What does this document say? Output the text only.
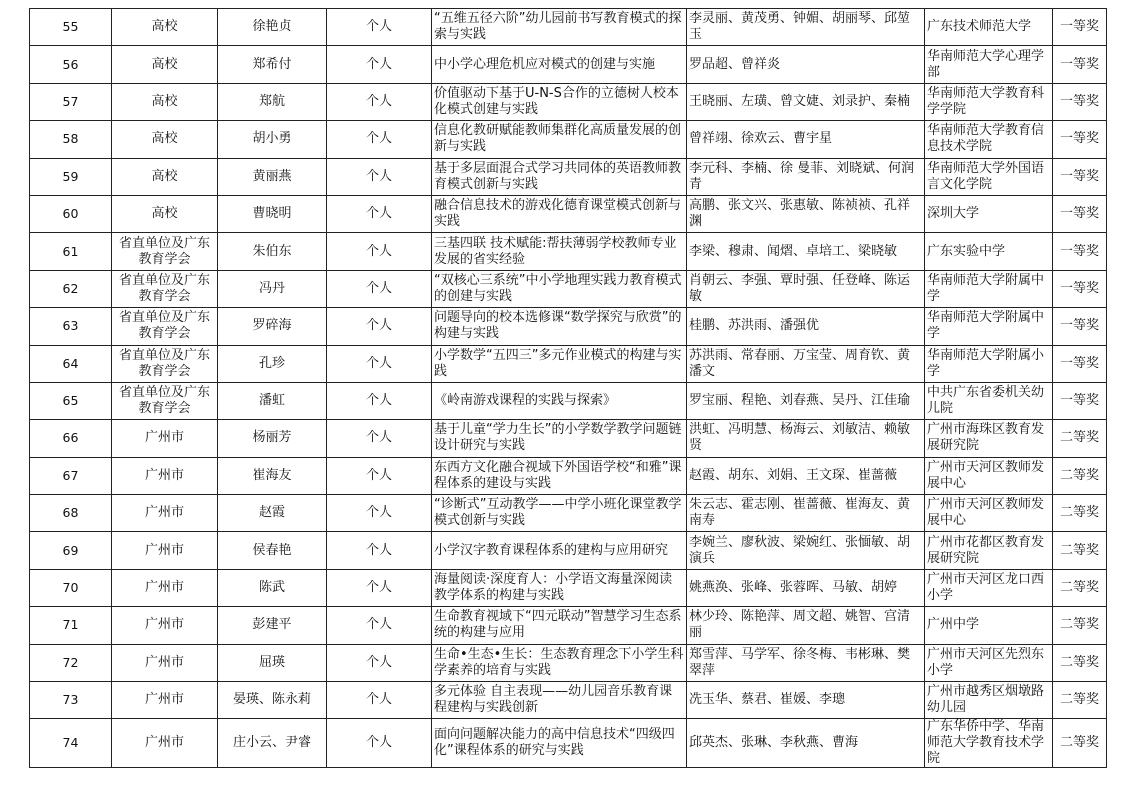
55	高校	徐艳贞	个人	“五维五径六阶”幼儿园前书写教育模式的探索与实践	李灵丽、黄茂勇、钟媚、胡丽琴、邱堃玉	广东技术师范大学	一等奖
56	高校	郑希付	个人	中小学心理危机应对模式的创建与实施	罗品超、曾祥炎	华南师范大学心理学部	一等奖
57	高校	郑航	个人	价值驱动下基于U-N-S合作的立德树人校本化模式创建与实践	王晓丽、左璜、曾文婕、刘录护、秦楠	华南师范大学教育科学学院	一等奖
58	高校	胡小勇	个人	信息化教研赋能教师集群化高质量发展的创新与实践	曾祥翊、徐欢云、曹宇星	华南师范大学教育信息技术学院	一等奖
59	高校	黄丽燕	个人	基于多层面混合式学习共同体的英语教师教育模式创新与实践	李元科、李楠、徐 曼菲、刘晓斌、何润青	华南师范大学外国语言文化学院	一等奖
60	高校	曹晓明	个人	融合信息技术的游戏化德育课堂模式创新与实践	高鹏、张文兴、张惠敏、陈祯祯、孔祥渊	深圳大学	一等奖
61	省直单位及广东教育学会	朱伯东	个人	三基四联 技术赋能:帮扶薄弱学校教师专业发展的省实经验	李梁、穆肃、闻熠、卓培工、梁晓敏	广东实验中学	一等奖
62	省直单位及广东教育学会	冯丹	个人	“双核心三系统”中小学地理实践力教育模式的创建与实践	肖朝云、李强、覃时强、任登峰、陈运敏	华南师范大学附属中学	一等奖
63	省直单位及广东教育学会	罗碎海	个人	问题导向的校本选修课“数学探究与欣赏”的构建与实践	桂鹏、苏洪雨、潘强优	华南师范大学附属中学	一等奖
64	省直单位及广东教育学会	孔珍	个人	小学数学“五四三”多元作业模式的构建与实践	苏洪雨、常春丽、万宝莹、周育钦、黄潘文	华南师范大学附属小学	一等奖
65	省直单位及广东教育学会	潘虹	个人	《岭南游戏课程的实践与探索》	罗宝丽、程艳、刘春燕、吴丹、江佳瑜	中共广东省委机关幼儿院	一等奖
66	广州市	杨丽芳	个人	基于儿童“学力生长”的小学数学教学问题链设计研究与实践	洪虹、冯明慧、杨海云、刘敏洁、赖敏贤	广州市海珠区教育发展研究院	二等奖
67	广州市	崔海友	个人	东西方文化融合视域下外国语学校“和雅”课程体系的建设与实践	赵霞、胡东、刘娟、王文琛、崔蔷薇	广州市天河区教师发展中心	二等奖
68	广州市	赵霞	个人	“诊断式”互动教学——中学小班化课堂教学模式创新与实践	朱云志、霍志刚、崔蔷薇、崔海友、黄南寿	广州市天河区教师发展中心	二等奖
69	广州市	侯春艳	个人	小学汉字教育课程体系的建构与应用研究	李婉兰、廖秋波、梁婉红、张愐敏、胡演兵	广州市花都区教育发展研究院	二等奖
70	广州市	陈武	个人	海量阅读·深度育人：小学语文海量深阅读教学体系的构建与实践	姚燕涣、张峰、张蓉晖、马敏、胡婷	广州市天河区龙口西小学	二等奖
71	广州市	彭建平	个人	生命教育视域下“四元联动”智慧学习生态系统的构建与应用	林少玲、陈艳萍、周文超、姚智、宫清丽	广州中学	二等奖
72	广州市	屈瑛	个人	生命•生态•生长：生态教育理念下小学生科学素养的培育与实践	郑雪萍、马学军、徐冬梅、韦彬琳、樊翠萍	广州市天河区先烈东小学	二等奖
73	广州市	晏瑛、陈永莉	个人	多元体验 自主表现——幼儿园音乐教育课程建构与实践创新	冼玉华、蔡君、崔媛、李璁	广州市越秀区烟墩路幼儿园	二等奖
74	广州市	庄小云、尹睿	个人	面向问题解决能力的高中信息技术“四级四化”课程体系的研究与实践	邱英杰、张琳、李秋燕、曹海	广东华侨中学、华南师范大学教育技术学院	二等奖
